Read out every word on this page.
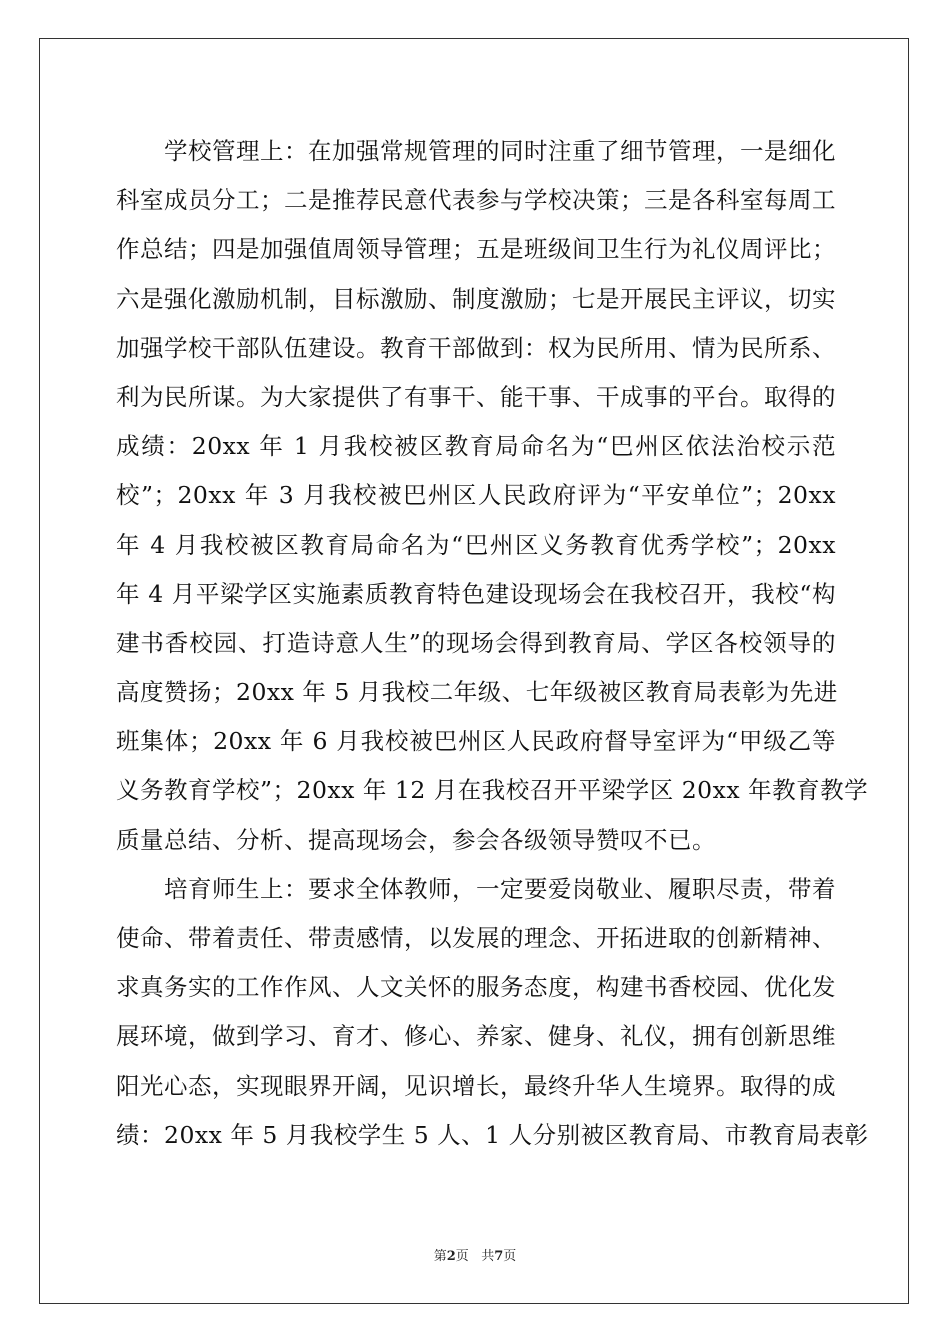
学校管理上：在加强常规管理的同时注重了细节管理，一是细化
科室成员分工；二是推荐民意代表参与学校决策；三是各科室每周工
作总结；四是加强值周领导管理；五是班级间卫生行为礼仪周评比；
六是强化激励机制，目标激励、制度激励；七是开展民主评议，切实
加强学校干部队伍建设。教育干部做到：权为民所用、情为民所系、
利为民所谋。为大家提供了有事干、能干事、干成事的平台。取得的
成绩：20xx 年 1 月我校被区教育局命名为“巴州区依法治校示范
校”；20xx 年 3 月我校被巴州区人民政府评为“平安单位”；20xx
年 4 月我校被区教育局命名为“巴州区义务教育优秀学校”；20xx
年 4 月平梁学区实施素质教育特色建设现场会在我校召开，我校“构
建书香校园、打造诗意人生”的现场会得到教育局、学区各校领导的
高度赞扬；20xx 年 5 月我校二年级、七年级被区教育局表彰为先进
班集体；20xx 年 6 月我校被巴州区人民政府督导室评为“甲级乙等
义务教育学校”；20xx 年 12 月在我校召开平梁学区 20xx 年教育教学
质量总结、分析、提高现场会，参会各级领导赞叹不已。
培育师生上：要求全体教师，一定要爱岗敬业、履职尽责，带着
使命、带着责任、带责感情，以发展的理念、开拓进取的创新精神、
求真务实的工作作风、人文关怀的服务态度，构建书香校园、优化发
展环境，做到学习、育才、修心、养家、健身、礼仪，拥有创新思维
阳光心态，实现眼界开阔，见识增长，最终升华人生境界。取得的成
绩：20xx 年 5 月我校学生 5 人、1 人分别被区教育局、市教育局表彰
第2页 共7页
